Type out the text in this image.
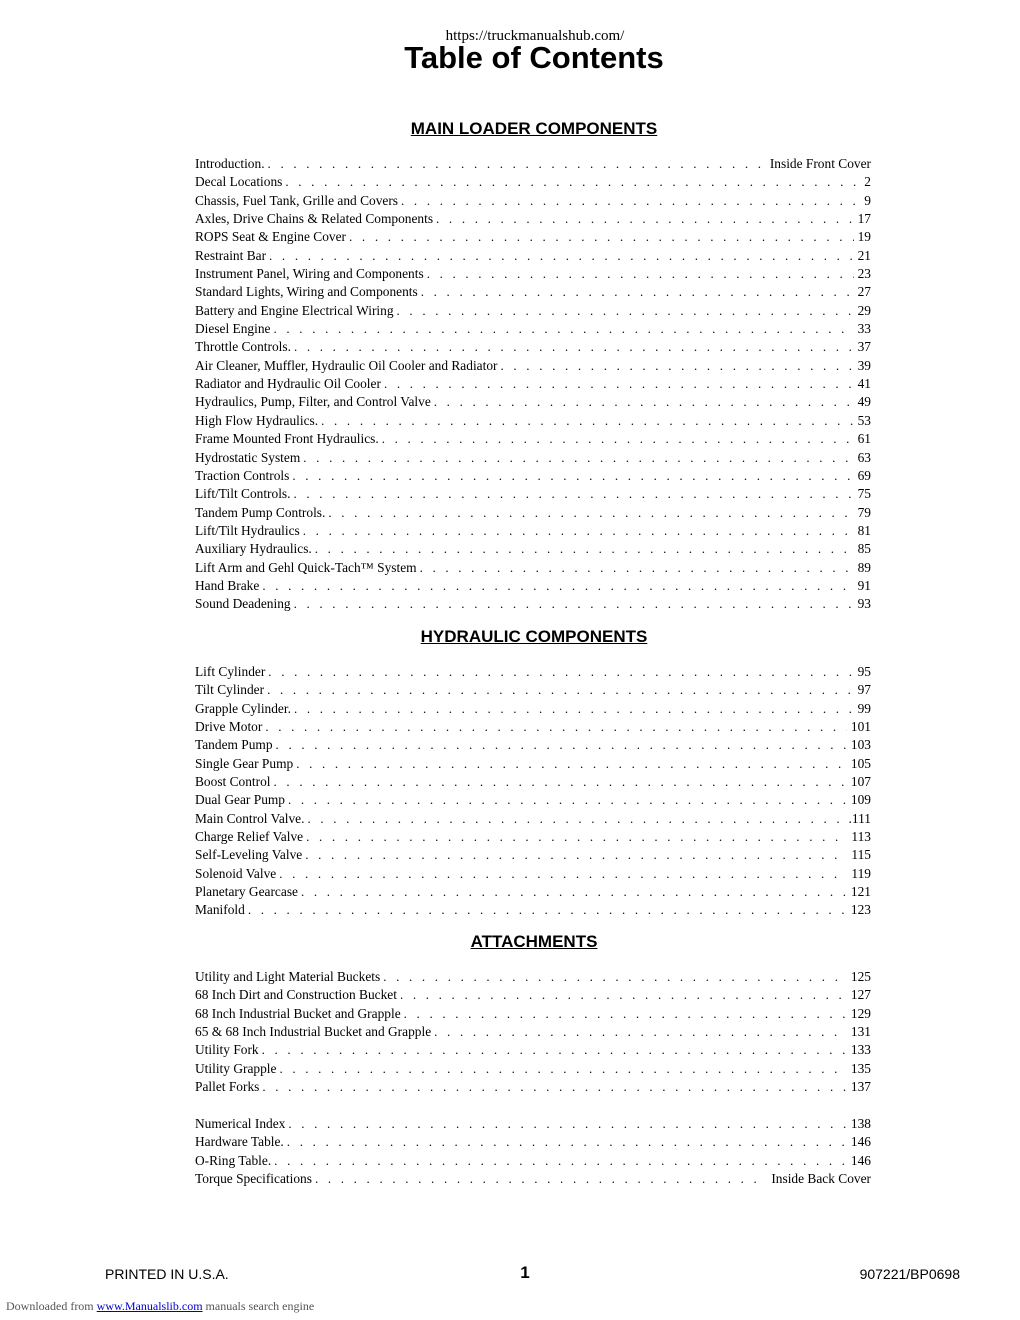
https://truckmanualshub.com/
Table of Contents
MAIN LOADER COMPONENTS
Introduction. . . .	Inside Front Cover
Decal Locations . . .	2
Chassis, Fuel Tank, Grille and Covers . . .	9
Axles, Drive Chains & Related Components . . .	17
ROPS Seat & Engine Cover . . .	19
Restraint Bar . . .	21
Instrument Panel, Wiring and Components . . .	23
Standard Lights, Wiring and Components . . .	27
Battery and Engine Electrical Wiring . . .	29
Diesel Engine . . .	33
Throttle Controls. . . .	37
Air Cleaner, Muffler, Hydraulic Oil Cooler and Radiator . . .	39
Radiator and Hydraulic Oil Cooler . . .	41
Hydraulics, Pump, Filter, and Control Valve . . .	49
High Flow Hydraulics. . . .	53
Frame Mounted Front Hydraulics. . . .	61
Hydrostatic System . . .	63
Traction Controls . . .	69
Lift/Tilt Controls. . . .	75
Tandem Pump Controls. . . .	79
Lift/Tilt Hydraulics . . .	81
Auxiliary Hydraulics. . . .	85
Lift Arm and Gehl Quick-Tach™ System . . .	89
Hand Brake . . .	91
Sound Deadening . . .	93
HYDRAULIC COMPONENTS
Lift Cylinder . . .	95
Tilt Cylinder . . .	97
Grapple Cylinder. . . .	99
Drive Motor . . .	101
Tandem Pump . . .	103
Single Gear Pump . . .	105
Boost Control . . .	107
Dual Gear Pump . . .	109
Main Control Valve. . . .	.111
Charge Relief Valve . . .	113
Self-Leveling Valve . . .	115
Solenoid Valve . . .	119
Planetary Gearcase . . .	121
Manifold . . .	123
ATTACHMENTS
Utility and Light Material Buckets . . .	125
68 Inch Dirt and Construction Bucket . . .	127
68 Inch Industrial Bucket and Grapple . . .	129
65 & 68 Inch Industrial Bucket and Grapple . . .	131
Utility Fork . . .	133
Utility Grapple . . .	135
Pallet Forks . . .	137
Numerical Index . . .	138
Hardware Table. . . .	146
O-Ring Table. . . .	146
Torque Specifications . . .	Inside Back Cover
PRINTED IN U.S.A.	1	907221/BP0698
Downloaded from www.Manualslib.com manuals search engine
